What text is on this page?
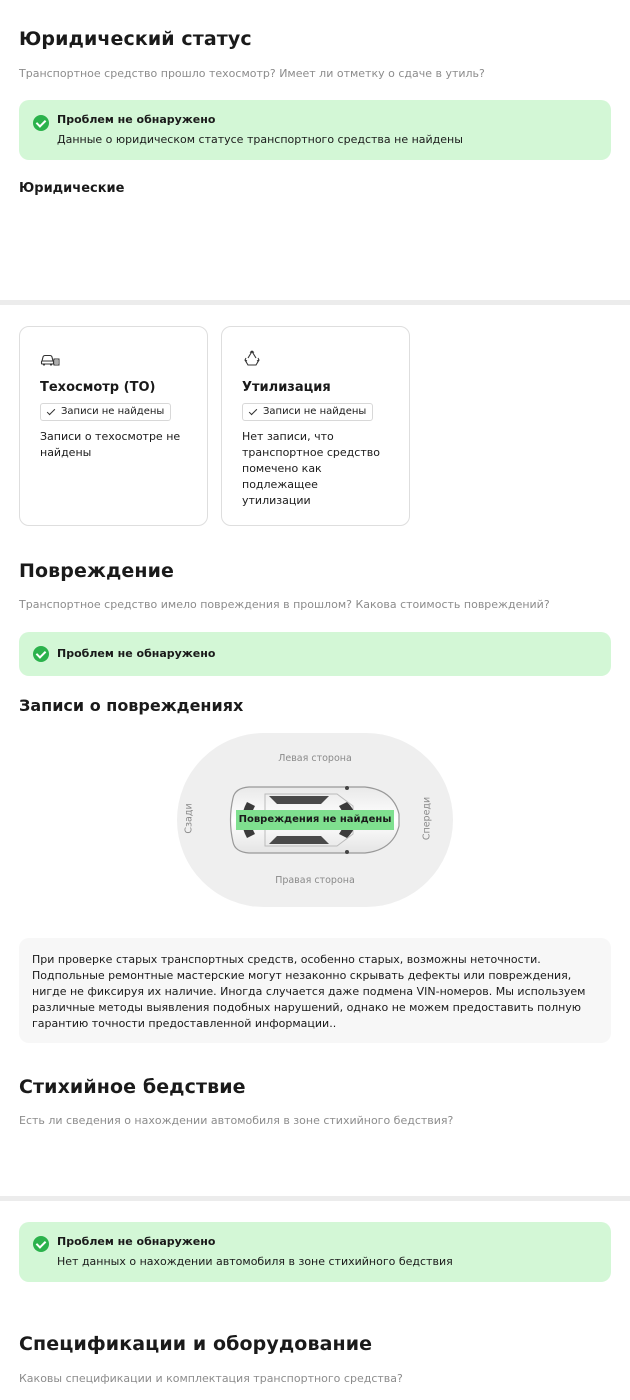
Юридический статус
Транспортное средство прошло техосмотр? Имеет ли отметку о сдаче в утиль?
Проблем не обнаружено
Данные о юридическом статусе транспортного средства не найдены
Юридические
Техосмотр (ТО)
Записи не найдены
Записи о техосмотре не
найдены
Утилизация
Записи не найдены
Нет записи, что
транспортное средство
помечено как
подлежащее
утилизации
Повреждение
Транспортное средство имело повреждения в прошлом? Какова стоимость повреждений?
Проблем не обнаружено
Записи о повреждениях
Левая сторона
Правая сторона
Сзади	Спереди
Повреждения не найдены
При проверке старых транспортных средств, особенно старых, возможны неточности.
Подпольные ремонтные мастерские могут незаконно скрывать дефекты или повреждения,
нигде не фиксируя их наличие. Иногда случается даже подмена VIN-номеров. Мы используем
различные методы выявления подобных нарушений, однако не можем предоставить полную
гарантию точности предоставленной информации..
Стихийное бедствие
Есть ли сведения о нахождении автомобиля в зоне стихийного бедствия?
Проблем не обнаружено
Нет данных о нахождении автомобиля в зоне стихийного бедствия
Спецификации и оборудование
Каковы спецификации и комплектация транспортного средства?
